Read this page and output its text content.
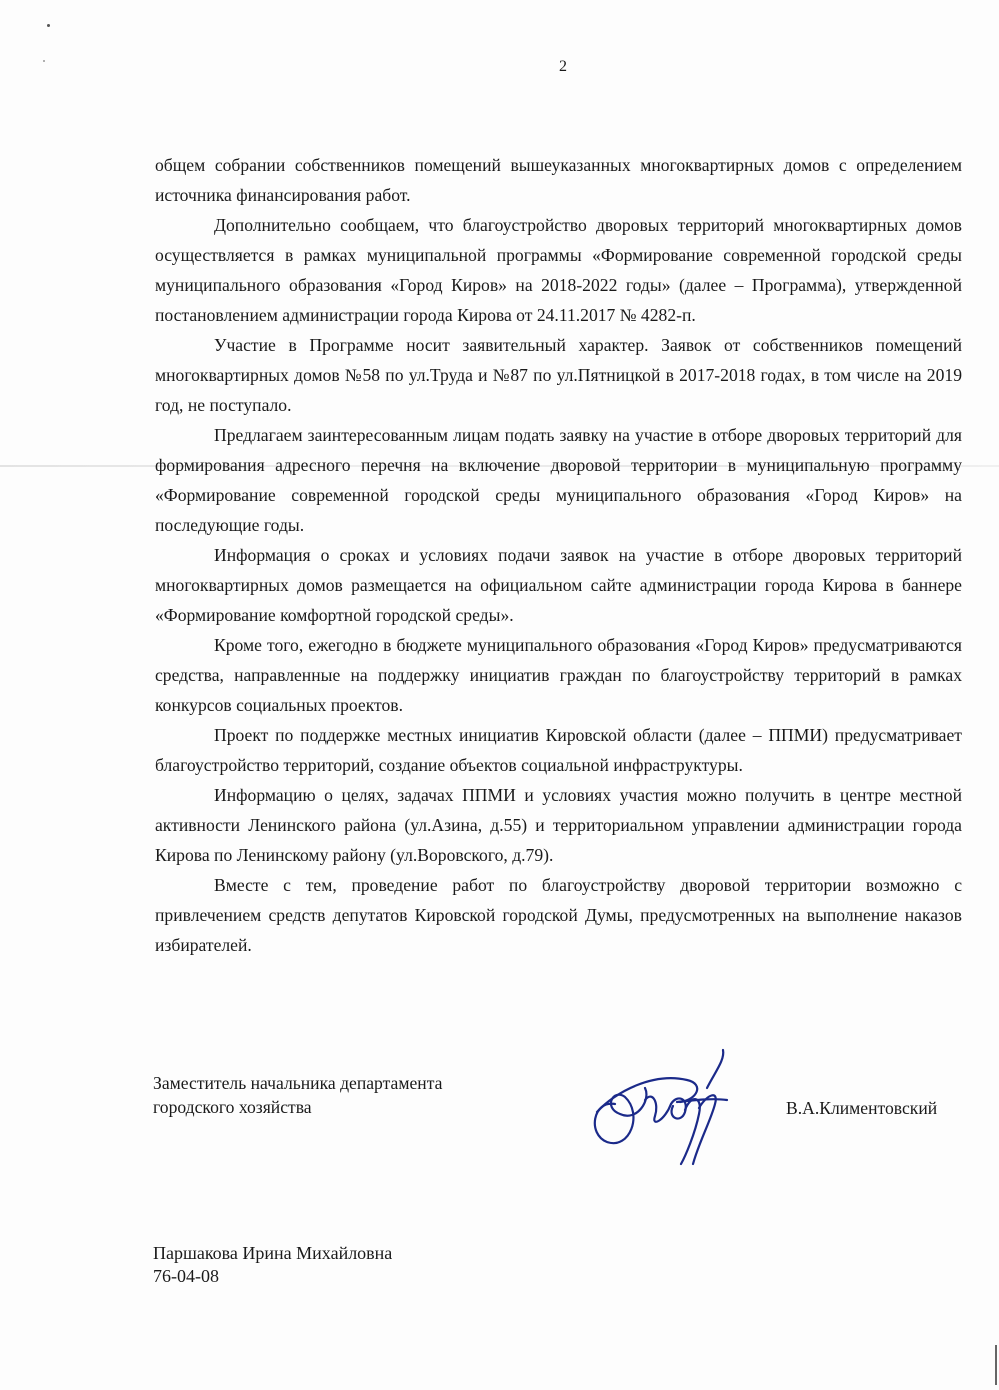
2

общем собрании собственников помещений вышеуказанных многоквартирных домов с определением источника финансирования работ.

Дополнительно сообщаем, что благоустройство дворовых территорий многоквартирных домов осуществляется в рамках муниципальной программы «Формирование современной городской среды муниципального образования «Город Киров» на 2018-2022 годы» (далее – Программа), утвержденной постановлением администрации города Кирова от 24.11.2017 № 4282-п.

Участие в Программе носит заявительный характер. Заявок от собственников помещений многоквартирных домов №58 по ул.Труда и №87 по ул.Пятницкой в 2017-2018 годах, в том числе на 2019 год, не поступало.

Предлагаем заинтересованным лицам подать заявку на участие в отборе дворовых территорий для формирования адресного перечня на включение дворовой территории в муниципальную программу «Формирование современной городской среды муниципального образования «Город Киров» на последующие годы.

Информация о сроках и условиях подачи заявок на участие в отборе дворовых территорий многоквартирных домов размещается на официальном сайте администрации города Кирова в баннере «Формирование комфортной городской среды».

Кроме того, ежегодно в бюджете муниципального образования «Город Киров» предусматриваются средства, направленные на поддержку инициатив граждан по благоустройству территорий в рамках конкурсов социальных проектов.

Проект по поддержке местных инициатив Кировской области (далее – ППМИ) предусматривает благоустройство территорий, создание объектов социальной инфраструктуры.

Информацию о целях, задачах ППМИ и условиях участия можно получить в центре местной активности Ленинского района (ул.Азина, д.55) и территориальном управлении администрации города Кирова по Ленинскому району (ул.Воровского, д.79).

Вместе с тем, проведение работ по благоустройству дворовой территории возможно с привлечением средств депутатов Кировской городской Думы, предусмотренных на выполнение наказов избирателей.

Заместитель начальника департамента
городского хозяйства	В.А.Климентовский
Паршакова Ирина Михайловна
76-04-08
